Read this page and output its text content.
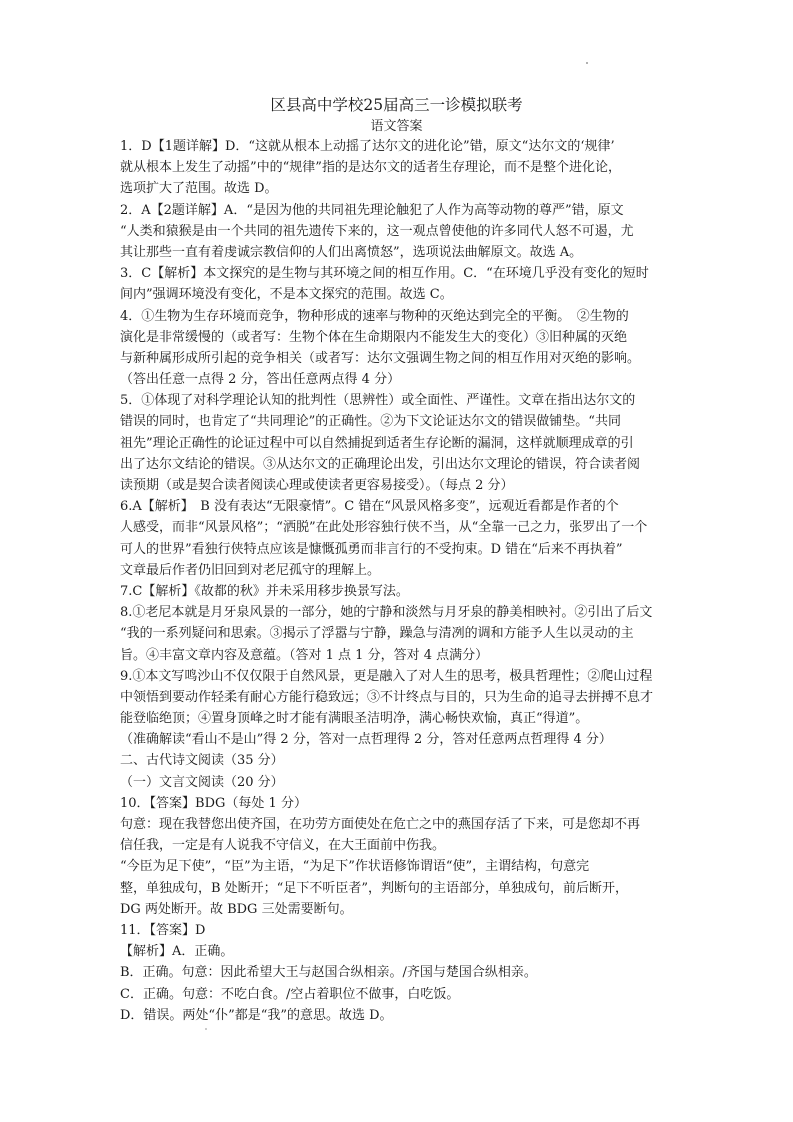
区县高中学校25届高三一诊模拟联考
语文答案
1．D【1题详解】D．“这就从根本上动摇了达尔文的进化论”错，原文“达尔文的‘规律’
就从根本上发生了动摇”中的“规律”指的是达尔文的适者生存理论，而不是整个进化论，
选项扩大了范围。故选 D。
2．A【2题详解】A．“是因为他的共同祖先理论触犯了人作为高等动物的尊严”错，原文
“人类和猿猴是由一个共同的祖先遗传下来的，这一观点曾使他的许多同代人怒不可遏，尤
其让那些一直有着虔诚宗教信仰的人们出离愤怒”，选项说法曲解原文。故选 A。
3．C【解析】本文探究的是生物与其环境之间的相互作用。C．“在环境几乎没有变化的短时
间内”强调环境没有变化，不是本文探究的范围。故选 C。
4．①生物为生存环境而竞争，物种形成的速率与物种的灭绝达到完全的平衡。　②生物的
演化是非常缓慢的（或者写：生物个体在生命期限内不能发生大的变化）③旧种属的灭绝
与新种属形成所引起的竞争相关（或者写：达尔文强调生物之间的相互作用对灭绝的影响。
（答出任意一点得 2 分，答出任意两点得 4 分）
5．①体现了对科学理论认知的批判性（思辨性）或全面性、严谨性。文章在指出达尔文的
错误的同时，也肯定了“共同理论”的正确性。②为下文论证达尔文的错误做铺垫。“共同
祖先”理论正确性的论证过程中可以自然捕捉到适者生存论断的漏洞，这样就顺理成章的引
出了达尔文结论的错误。③从达尔文的正确理论出发，引出达尔文理论的错误，符合读者阅
读预期（或是契合读者阅读心理或使读者更容易接受）。（每点 2 分）
6.A【解析】　B 没有表达“无限豪情”。C 错在“风景风格多变”，远观近看都是作者的个
人感受，而非“风景风格”；“洒脱”在此处形容独行侠不当，从“全靠一己之力，张罗出了一个
可人的世界”看独行侠特点应该是慷慨孤勇而非言行的不受拘束。D 错在“后来不再执着”
文章最后作者仍旧回到对老尼孤守的理解上。
7.C【解析】《故都的秋》并未采用移步换景写法。
8.①老尼本就是月牙泉风景的一部分，她的宁静和淡然与月牙泉的静美相映衬。②引出了后文
“我的一系列疑问和思索。③揭示了浮嚣与宁静，躁急与清冽的调和方能予人生以灵动的主
旨。④丰富文章内容及意蕴。（答对 1 点 1 分，答对 4 点满分）
9.①本文写鸣沙山不仅仅限于自然风景，更是融入了对人生的思考，极具哲理性；②爬山过程
中领悟到要动作轻柔有耐心方能行稳致远；③不计终点与目的，只为生命的追寻去拼搏不息才
能登临绝顶；④置身顶峰之时才能有满眼圣洁明净，满心畅快欢愉，真正“得道”。
（准确解读“看山不是山”得 2 分，答对一点哲理得 2 分，答对任意两点哲理得 4 分）
二、古代诗文阅读（35 分）
（一）文言文阅读（20 分）
10．【答案】BDG（每处 1 分）
句意：现在我替您出使齐国，在功劳方面使处在危亡之中的燕国存活了下来，可是您却不再
信任我，一定是有人说我不守信义，在大王面前中伤我。
“今臣为足下使”，“臣”为主语，“为足下”作状语修饰谓语“使”，主谓结构，句意完
整，单独成句，B 处断开；“足下不听臣者”，判断句的主语部分，单独成句，前后断开，
DG 两处断开。故 BDG 三处需要断句。
11．【答案】D
【解析】A．正确。
B．正确。句意：因此希望大王与赵国合纵相亲。/齐国与楚国合纵相亲。
C．正确。句意：不吃白食。/空占着职位不做事，白吃饭。
D．错误。两处“仆”都是“我”的意思。故选 D。
